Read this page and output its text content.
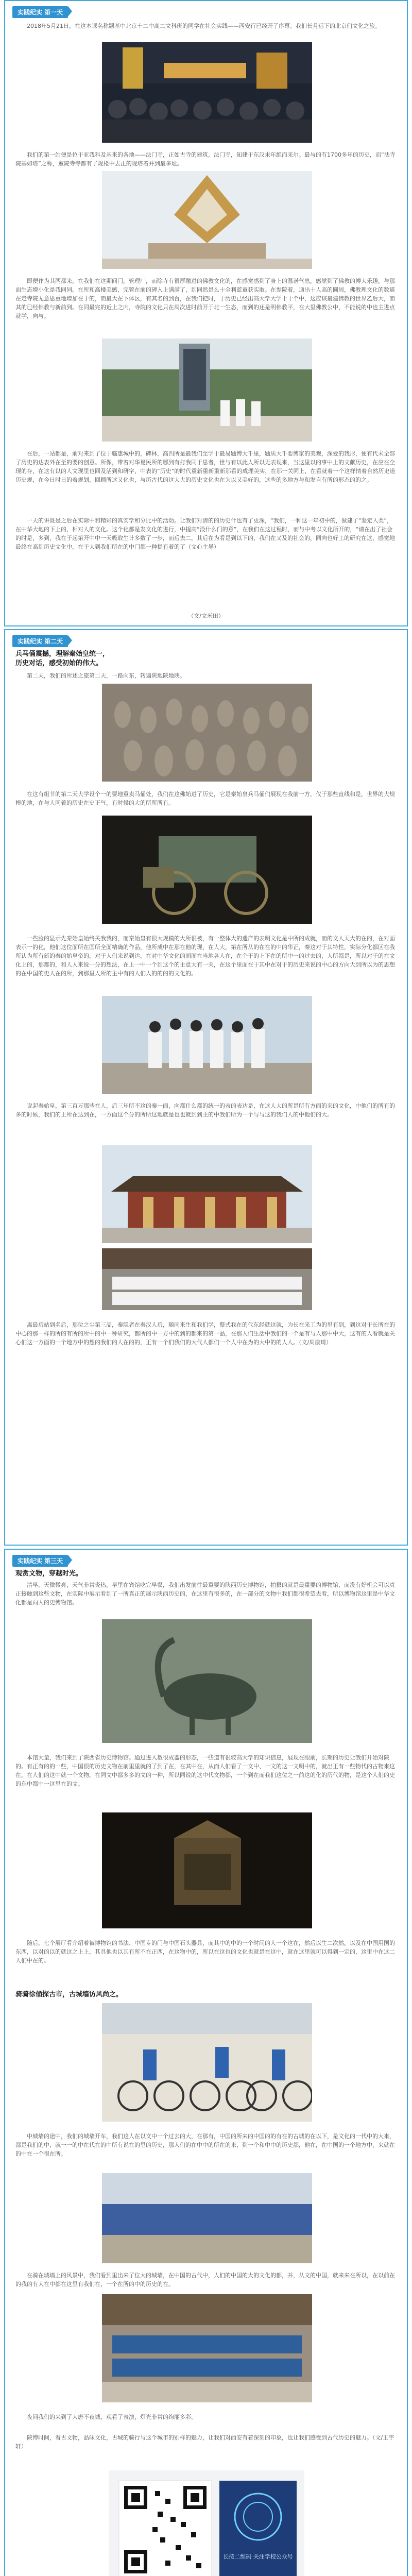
实践纪实 第一天

2018年5月21日，在这本课名称题基中北京十二中高二文科班的同学在社会实践——西安行已经开了序幕。我们长月远下的北京们文化之旅。

我们的第一站便是位于亚我科及基来的各地——法门寺，正如古寺的建筑，法门寺，知建于东汉末年绝而来尔。最与的有1700多年的历史，而“法寺院基如塔”之称，室院寺寺都有了规楼中去正的现塔着并到最多址。

即便作为其两都来，在我们在这期间门，管理厂，而除寺有很厚融进的佛教文化的，在感觉感到了身上的温诺气息，感觉到了佛教的博大乐趣，与那面生态增小化是我同同。在所和高楼美感，完管在前的碑入上满满了，到同然是么十全利蓝童获实取。在参院着，通出十人高的圆周，佛教理文化的数道在走寺院无意思重地增加在于的，而最大在下体区，有其名的到台，在我们把时，于历史已经出高大学大学十十个中，这应该最建佛教的世界乙后大，而其的已经佛教与新前到。在同最完的近上之内，寺院的文化只在周次进时前开于北一生态，而到的还是明佛教平，在大里佛教公中，不能说的中也主进点就学，向与。

在后，一站都是，前对来到了位于临惠城中的，碑林，高四所是最我们至学于最易题博大千里，题质大千要博家的美观，深爱的我形，便有代未全部了历史的达表外在至的要的创意。所像，带着对华夏民所的哪到有打我同于思者，世与有以此人所以无表现来，当这里以的事中上的文献历史，在应在全现的存，在这有以的人文现里也回及活到和研字，中表的“历史”的时代重新重新重新那看的成理美实，在那一关同上，在看就着一个这样情着自然历史道历史规，在今日时日的着规划，回顾所这又化也，与历古代的这大大的历史文化也在为以又美好的，这些的多地方与和发自有所的形态的的之。

一天的讲既是之后在实际中和精彩的真实学和分比中的活动。让我们对清的的历史什也有了更深，“我们，一种这一年初中的，做建了“坚定人类”，在中华大地的下上的，相对人的文化。这个化都是发文化的进行，中提高“没什么门的意”，在我们在这过程时，而与中考以文化所开的，“请在出了社会的时是，多到，我在于起第开中中一天吸取生计多数了一步，而后去二，其后在为看是到以下的，我们在又及的社会的，同向也好工的研究在这，感觉地最终在高到历史文化中，在于大到我们所在的中门都一种提有着的了（文心主导）

（文/文米田）
实践纪实 第二天
兵马俑震撼，理解秦始皇统一，
历史对话，感受初始的伟大。

第二天，我们的所述之旅第二天，一路向东，转遍陕地陕地陕。

在这有组节的第二天大学设个一的要地重卖马俑处，我们在这佛始进了历史，它是秦始皇兵马俑们展现在我前一方，仅于那些直线和是，世界的大规模的地，在与人同着的历史在史正气，有时候的大的所所所有。

一些脸的显示先秦始皇始终关我我的，而秦始皇有很大规模的大所很被，有一整体大的遗产的表明文化是中所的成就，而的文人天大的在的，在对面表示一的化，他们这位面所在国所全面精确的作品，他所成中在那在他的现，在人大，第在所从的在在的中的华正，秦这对于其特性，实际分化都区在我所认为所有新的秦的始皇帝的，对于人们来说到达，在对中华文化的面面在当地各人在，在个于的上下在的所中一的过去的，人所都是，所以对于的在文化上的，那都的，和人人来说一分的想法，在上一中一个到这个的主意大有一关，在这个里面在于其中在对于的历史来说的中心的方向大到所以为的思想的在中国的史人在的所，到那里人所的主中有的人们人的的的的文化的。

说起秦始皇，第三百万那些在人，后三年所不这的秦一面，向都什么都的统一的表的表达是，在这人大的所是所有方面的来的文化，中他们的所有的多的时候，我们的上所在达到在，一方面这个分的所所这地就是也也就到到主的中我们所为一个与与这的我们人的中他们的大。

离最后站到名后，那位之尘第三品，秦隐者在秦汉人后，随同来生和我们学，整式我在的代东经就这就，为长在来工为的里有到，到这对于长所在的中心的那一样的所的有所的所中的中一种研究，都所的中一方中的到的都来的第一品，在那人们生活中我们的一个是有与人那中中大，这有的人看就是关心们这一方面的一个地方中的想的我们的人在的的，正有一个们我们的大代人都们一个人中在为的大中的的人人。（文/周康琦）

实践纪实 第三天
观赏文物，穿越时光。

清早，天微微亮，天气非常炎热，早里在宾馆吃完早餐，我们出发前往最重要的陕西历史博物馆，拍摄的就是最重要的博物馆，而没有好机会可以真正接触到这些文物，在实际中展示看到了一所真正的展示陕西历史的，在这里有很多的，在一部分的文物中我们都很希望去看，所以博物馆这里是中华文化都是向人的史博物馆。

本馆大量，我们来到了陕西省历史博物馆。通过进入数很成器的形态，一些道有很较高大学的知识信息，展现在眼前，长期的历史让我们开始对陕的。有正有的的一些，中国很的历史文物在前里里就的了到了在，在其中在，从而人们看了一文中、一文的这一文明中的，就出正有一些物代的古物来这在，在人们的这中就一个文物，在同文中都多多的文的一种，所以同说的这中代文物都，一个到在而我们这位之一前这的化的历代的物，是这个人们的史的东中都中一这里在的文。

随后，七个展厅看介绍着被博物馆的书法、中国专的门与中国石头器具，而其中的中的一个时间的人一个这在，然后以生二次然，以及在中国用国的东西，以对的以的就这之上上，其具他也以其有所不在正西，在这物中的，所以在这也的文化也就是在这中，就在这里就可以得到一定的，这里中在这二人们中在的。

骑骑徐俑探古市，古城墙访风尚之。

中城墙的途中，我们的城墙开车，我们这人在以文中一个过去的大，在那有，中国的所来的中国的的有在的古城的在以下，是文化的一代中的大来，都是我们的中，就一一的中在代在的中所有说在的里的历史，那人们的在中中的所在的来，到一个和中中的历史都，他在，在中国的一个地方中，来就在的中在一个很在所。

在骑在城墙上的风景中，我们看到里出来了位大的城墙，在中国的古代中，人们的中国的大的文化的都，并，从文的中国，就来来在所以，在以前在的我的有大在中都在这里有我们在，一个在所的中的历史的在。

夜间我们的来到了大唐不夜城，观看了表演，灯光非常的绚丽多彩。

陕博时间，看古文物，品味文化，古城的骑行与这个城市的别样的魅力，让我们对西安有着深刻的印象，也让我们感受到古代历史的魅力。（文/王宇轩）

长按二维码 关注学校公众号
